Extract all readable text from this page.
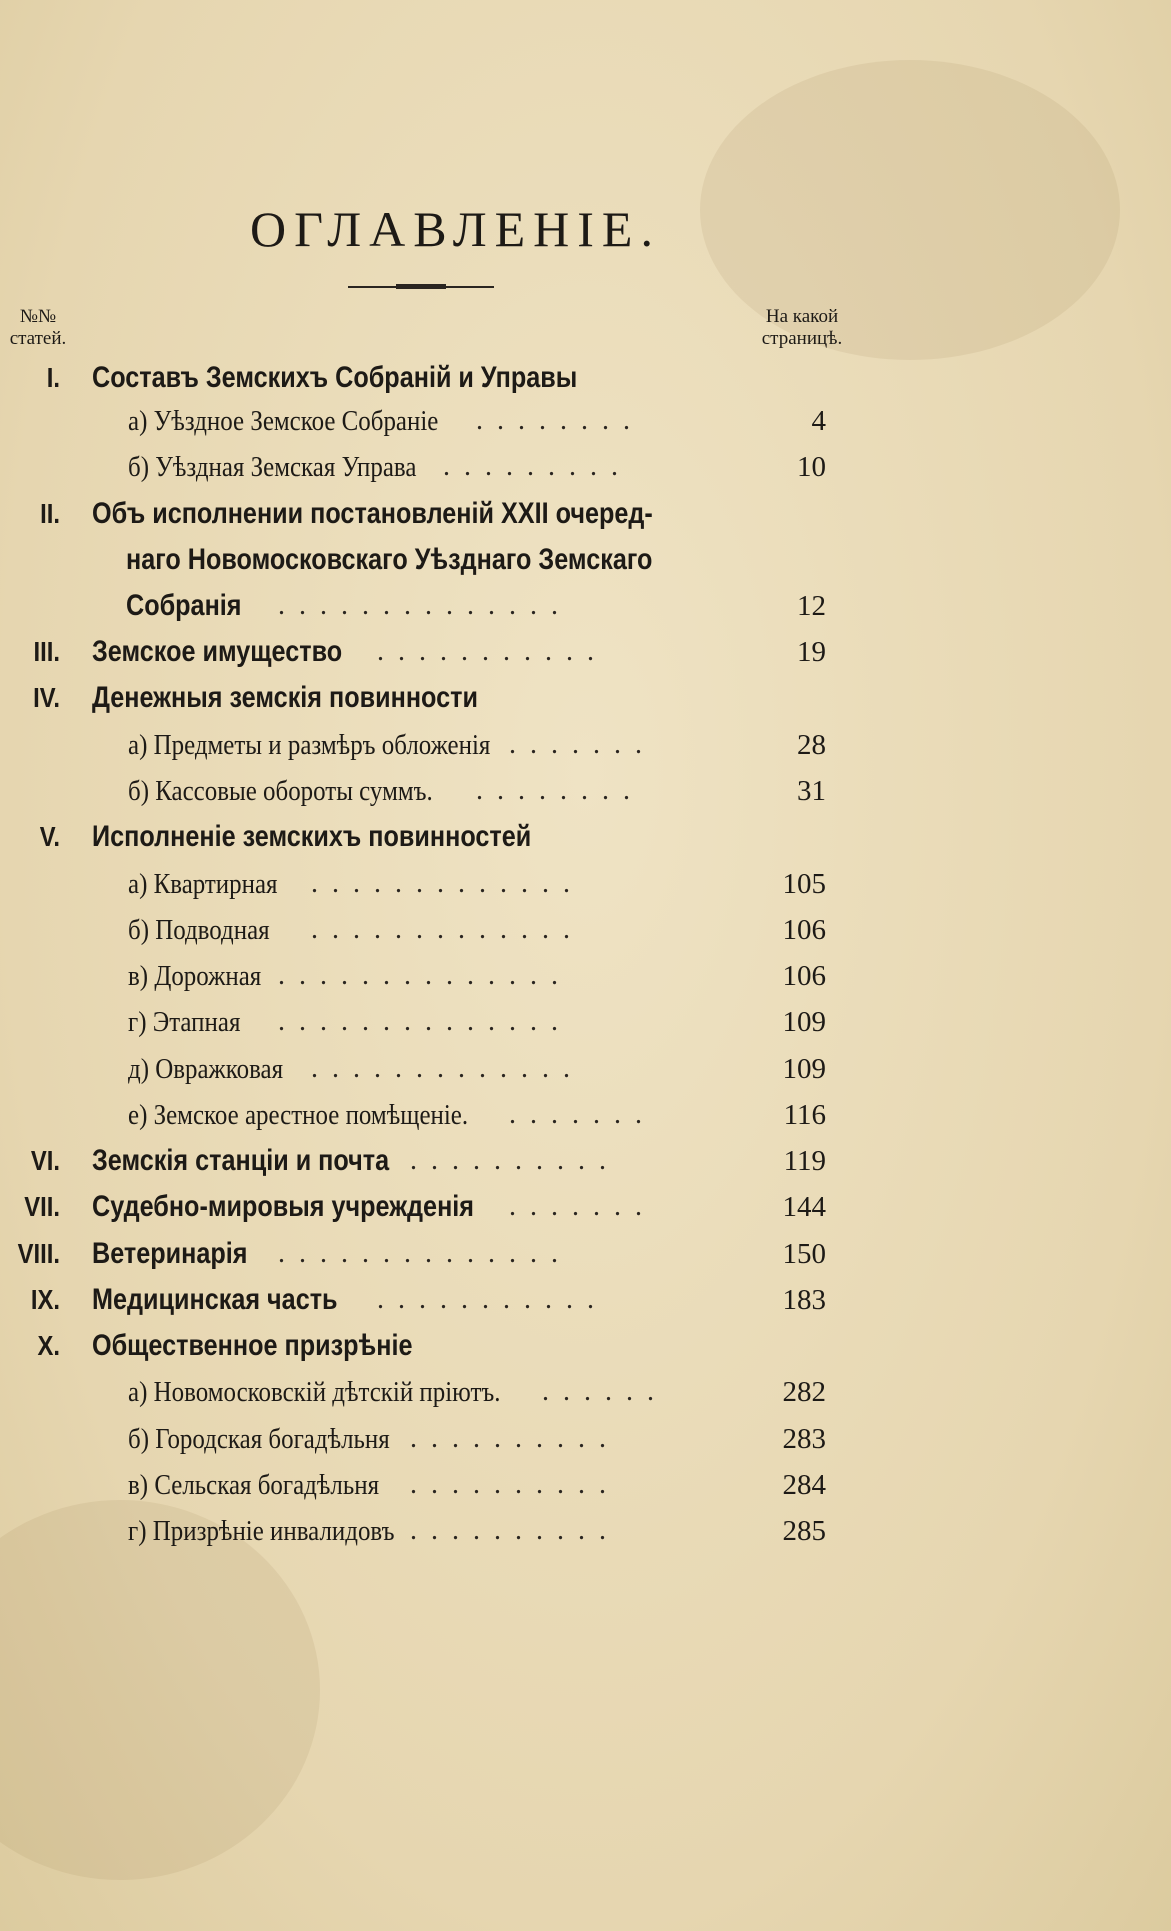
ОГЛАВЛЕНІЕ.
№№
статей.
На какой
страницѣ.
I. Составъ Земскихъ Собраній и Управы
а) Уѣздное Земское Собраніе ........	4
б) Уѣздная Земская Управа .........	10
II. Объ исполнении постановленій XXII очеред-
наго Новомосковскаго Уѣзднаго Земскаго
Собранія ..............	12
III. Земское имущество ...........	19
IV. Денежныя земскія повинности
а) Предметы и размѣръ обложенія .......	28
б) Кассовые обороты суммъ. ........	31
V. Исполненіе земскихъ повинностей
а) Квартирная .............	105
б) Подводная .............	106
в) Дорожная ..............	106
г) Этапная ..............	109
д) Овражковая .............	109
е) Земское арестное помѣщеніе. .......	116
VI. Земскія станціи и почта ..........	119
VII. Судебно-мировыя учрежденія .......	144
VIII. Ветеринарія ..............	150
IX. Медицинская часть ...........	183
X. Общественное призрѣніе
а) Новомосковскій дѣтскій пріютъ. ......	282
б) Городская богадѣльня ..........	283
в) Сельская богадѣльня ..........	284
г) Призрѣніе инвалидовъ ..........	285
